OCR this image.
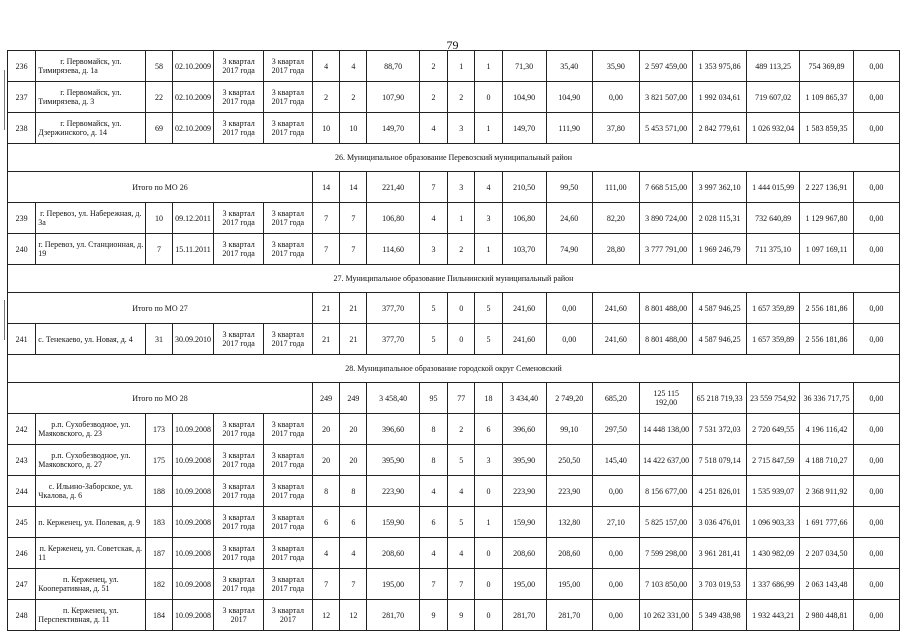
79
236	г. Первомайск, ул. Тимирязева, д. 1а	58	02.10.2009	3 квартал 2017 года	3 квартал 2017 года	4	4	88,70	2	1	1	71,30	35,40	35,90	2 597 459,00	1 353 975,86	489 113,25	754 369,89	0,00
237	г. Первомайск, ул. Тимирязева, д. 3	22	02.10.2009	3 квартал 2017 года	3 квартал 2017 года	2	2	107,90	2	2	0	104,90	104,90	0,00	3 821 507,00	1 992 034,61	719 607,02	1 109 865,37	0,00
238	г. Первомайск, ул. Дзержинского, д. 14	69	02.10.2009	3 квартал 2017 года	3 квартал 2017 года	10	10	149,70	4	3	1	149,70	111,90	37,80	5 453 571,00	2 842 779,61	1 026 932,04	1 583 859,35	0,00
26. Муниципальное образование Перевозский муниципальный район																			
Итого по МО 26						14	14	221,40	7	3	4	210,50	99,50	111,00	7 668 515,00	3 997 362,10	1 444 015,99	2 227 136,91	0,00
239	г. Перевоз, ул. Набережная, д. 3а	10	09.12.2011	3 квартал 2017 года	3 квартал 2017 года	7	7	106,80	4	1	3	106,80	24,60	82,20	3 890 724,00	2 028 115,31	732 640,89	1 129 967,80	0,00
240	г. Перевоз, ул. Станционная, д. 19	7	15.11.2011	3 квартал 2017 года	3 квартал 2017 года	7	7	114,60	3	2	1	103,70	74,90	28,80	3 777 791,00	1 969 246,79	711 375,10	1 097 169,11	0,00
27. Муниципальное образование Пильнинский муниципальный район																			
Итого по МО 27						21	21	377,70	5	0	5	241,60	0,00	241,60	8 801 488,00	4 587 946,25	1 657 359,89	2 556 181,86	0,00
241	с. Тенекаево, ул. Новая, д. 4	31	30.09.2010	3 квартал 2017 года	3 квартал 2017 года	21	21	377,70	5	0	5	241,60	0,00	241,60	8 801 488,00	4 587 946,25	1 657 359,89	2 556 181,86	0,00
28. Муниципальное образование городской округ Семеновский																			
Итого по МО 28						249	249	3 458,40	95	77	18	3 434,40	2 749,20	685,20	125 115 192,00	65 218 719,33	23 559 754,92	36 336 717,75	0,00
242	р.п. Сухобезводное, ул. Маяковского, д. 23	173	10.09.2008	3 квартал 2017 года	3 квартал 2017 года	20	20	396,60	8	2	6	396,60	99,10	297,50	14 448 138,00	7 531 372,03	2 720 649,55	4 196 116,42	0,00
243	р.п. Сухобезводное, ул. Маяковского, д. 27	175	10.09.2008	3 квартал 2017 года	3 квартал 2017 года	20	20	395,90	8	5	3	395,90	250,50	145,40	14 422 637,00	7 518 079,14	2 715 847,59	4 188 710,27	0,00
244	с. Ильино-Заборское, ул. Чкалова, д. 6	188	10.09.2008	3 квартал 2017 года	3 квартал 2017 года	8	8	223,90	4	4	0	223,90	223,90	0,00	8 156 677,00	4 251 826,01	1 535 939,07	2 368 911,92	0,00
245	п. Керженец, ул. Полевая, д. 9	183	10.09.2008	3 квартал 2017 года	3 квартал 2017 года	6	6	159,90	6	5	1	159,90	132,80	27,10	5 825 157,00	3 036 476,01	1 096 903,33	1 691 777,66	0,00
246	п. Керженец, ул. Советская, д. 11	187	10.09.2008	3 квартал 2017 года	3 квартал 2017 года	4	4	208,60	4	4	0	208,60	208,60	0,00	7 599 298,00	3 961 281,41	1 430 982,09	2 207 034,50	0,00
247	п. Керженец, ул. Кооперативная, д. 51	182	10.09.2008	3 квартал 2017 года	3 квартал 2017 года	7	7	195,00	7	7	0	195,00	195,00	0,00	7 103 850,00	3 703 019,53	1 337 686,99	2 063 143,48	0,00
248	п. Керженец, ул. Перспективная, д. 11	184	10.09.2008	3 квартал 2017	3 квартал 2017	12	12	281,70	9	9	0	281,70	281,70	0,00	10 262 331,00	5 349 438,98	1 932 443,21	2 980 448,81	0,00
